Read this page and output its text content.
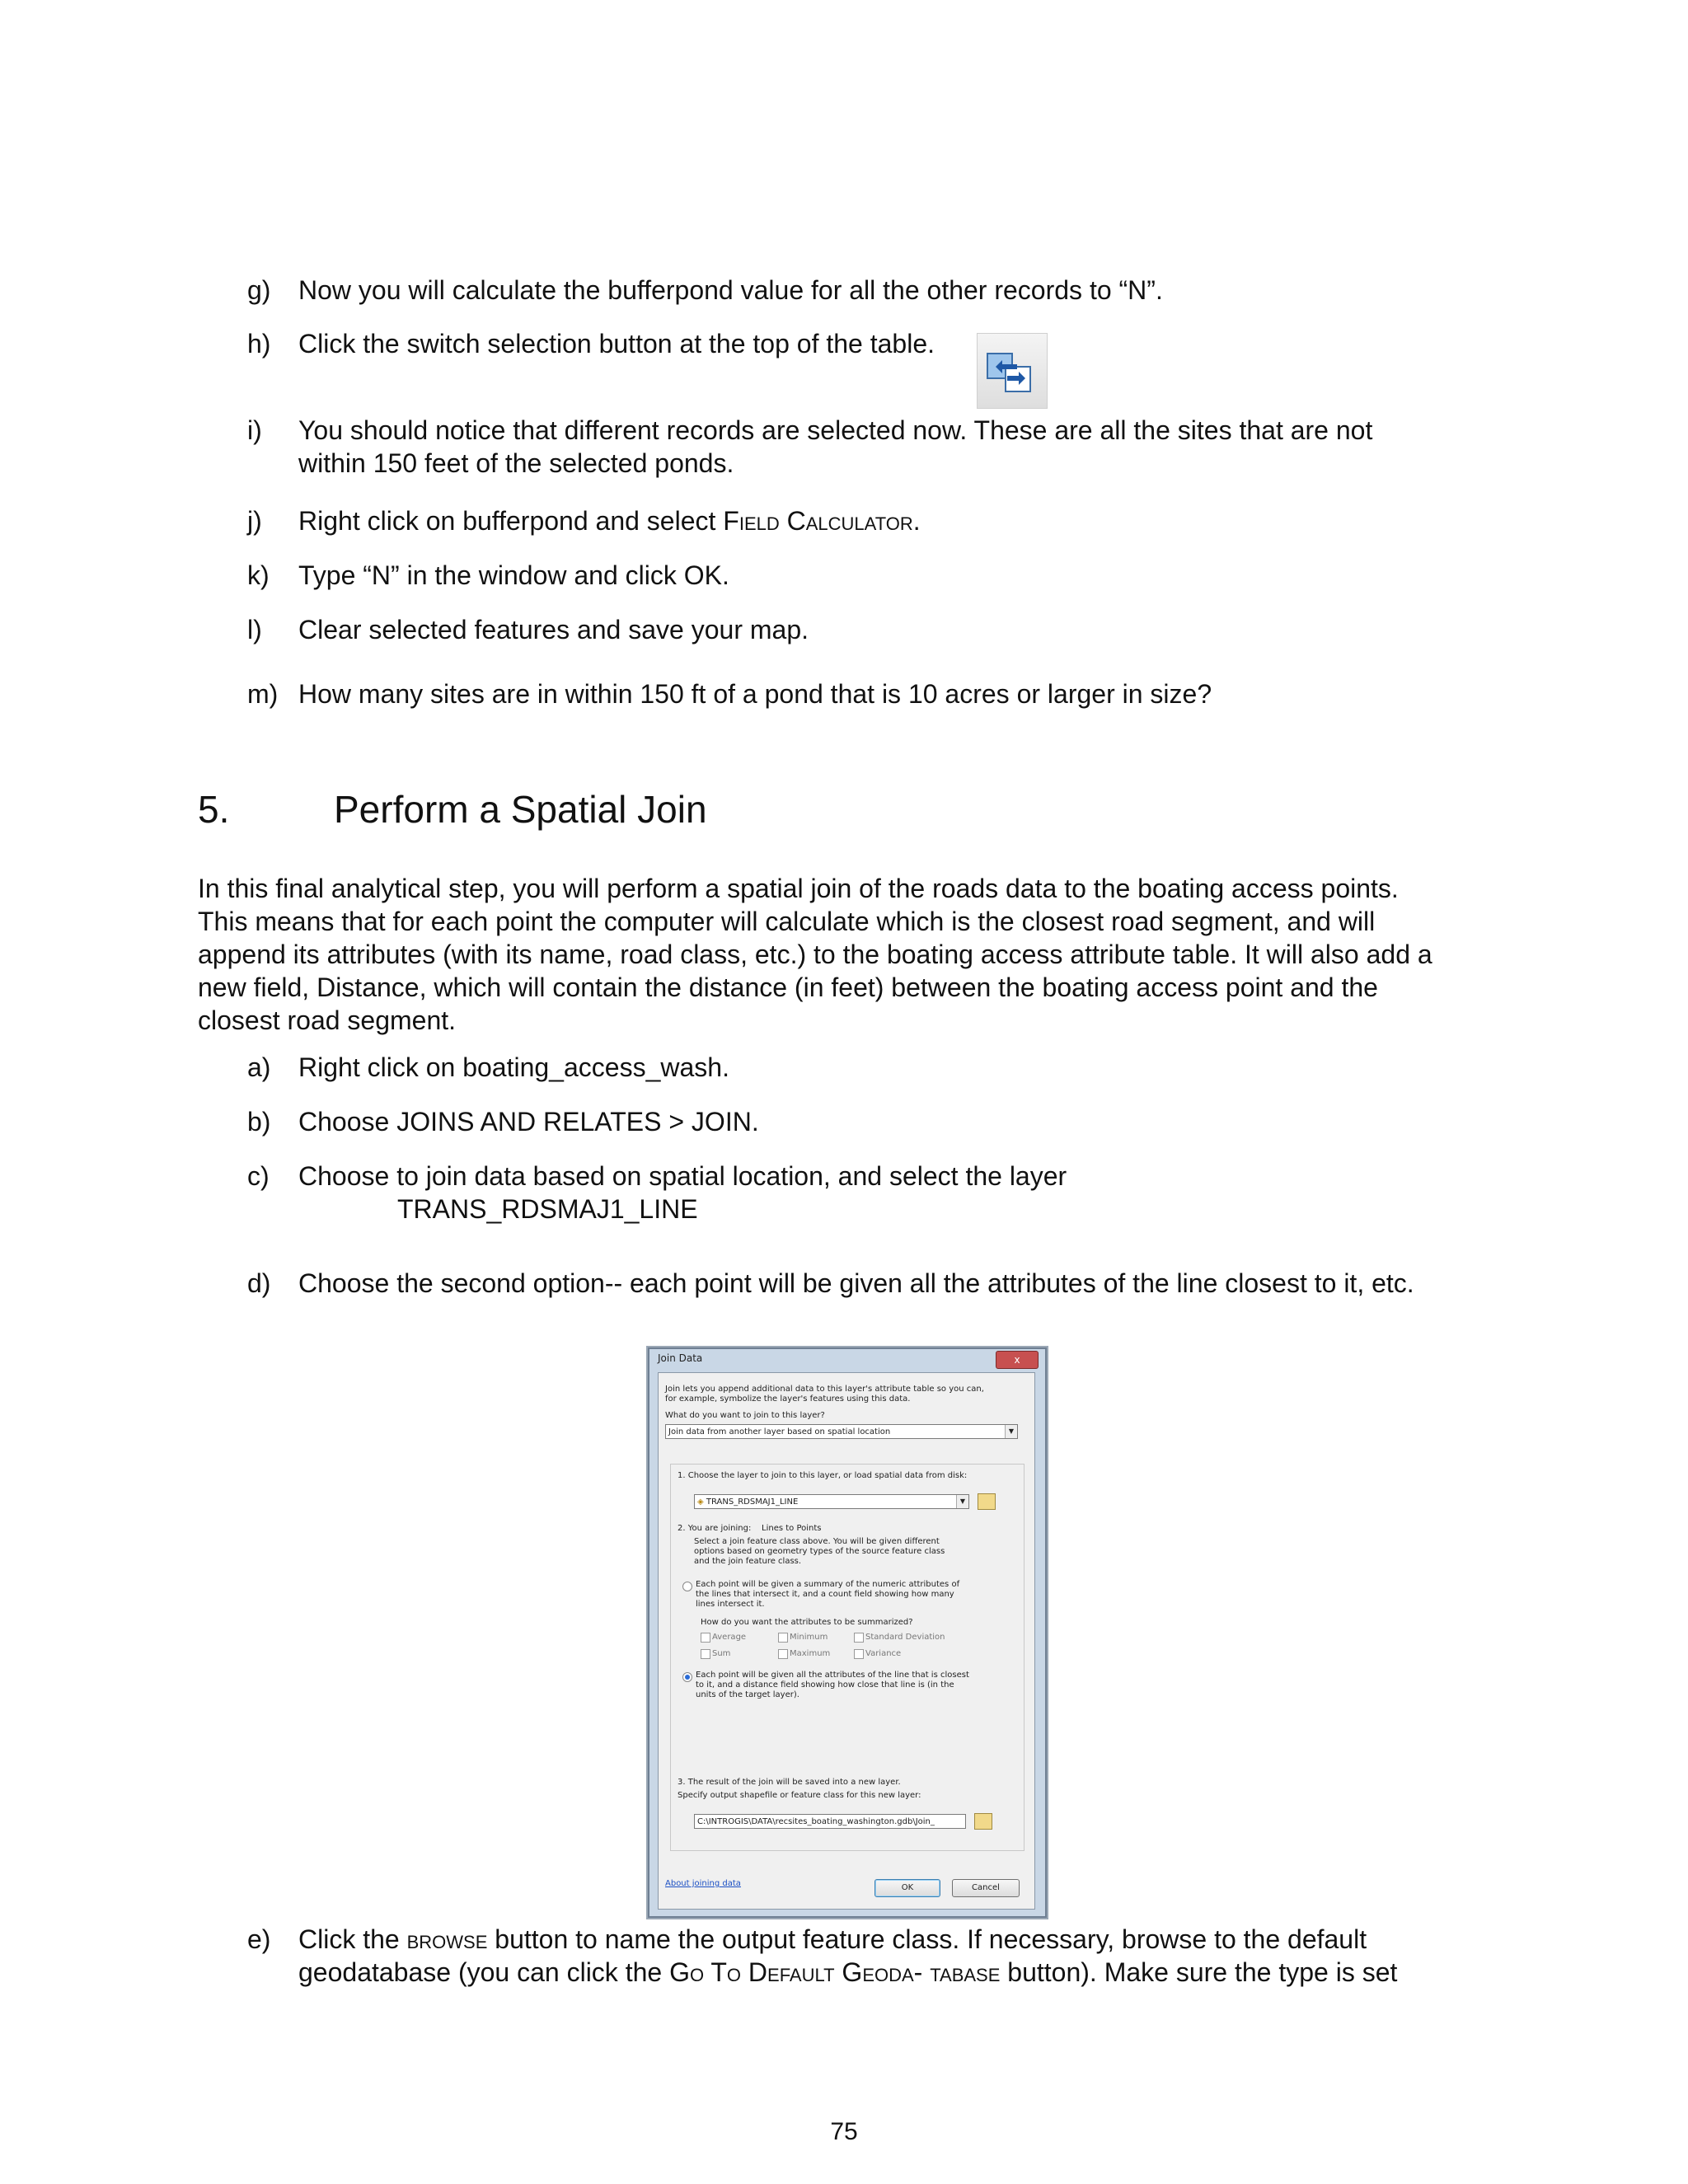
g)	Now you will calculate the bufferpond value for all the other records to “N”.
h)	Click the switch selection button at the top of the table.
i)	You should notice that different records are selected now. These are all the sites that are not
within 150 feet of the selected ponds.
j)	Right click on bufferpond and select Field Calculator.
k)	Type “N” in the window and click OK.
l)	Clear selected features and save your map.
m) How many sites are in within 150 ft of a pond that is 10 acres or larger in size?
5.	Perform a Spatial Join
In this final analytical step, you will perform a spatial join of the roads data to the boating access points.
This means that for each point the computer will calculate which is the closest road segment, and will
append its attributes (with its name, road class, etc.) to the boating access attribute table. It will also add a
new field, Distance, which will contain the distance (in feet) between the boating access point and the
closest road segment.
a)	Right click on boating_access_wash.
b)	Choose JOINS AND RELATES > JOIN.
c)	Choose to join data based on spatial location, and select the layer
TRANS_RDSMAJ1_LINE
d)	Choose the second option-- each point will be given all the attributes of the line closest to it, etc.
Join Data	x
Join lets you append additional data to this layer's attribute table so you can,
for example, symbolize the layer's features using this data.
What do you want to join to this layer?
Join data from another layer based on spatial location	▼
1. Choose the layer to join to this layer, or load spatial data from disk:
◈ TRANS_RDSMAJ1_LINE	▼
2. You are joining: Lines to Points
Select a join feature class above. You will be given different
options based on geometry types of the source feature class
and the join feature class.
Each point will be given a summary of the numeric attributes of
the lines that intersect it, and a count field showing how many
lines intersect it.
How do you want the attributes to be summarized?
Average	Minimum	Standard Deviation
Sum	Maximum	Variance
Each point will be given all the attributes of the line that is closest
to it, and a distance field showing how close that line is (in the
units of the target layer).
3. The result of the join will be saved into a new layer.
Specify output shapefile or feature class for this new layer:
C:\INTROGIS\DATA\recsites_boating_washington.gdb\Join_
About joining data	OK	Cancel
e)	Click the browse button to name the output feature class. If necessary, browse to the default
geodatabase (you can click the Go To Default Geoda- tabase button). Make sure the type is set
75
